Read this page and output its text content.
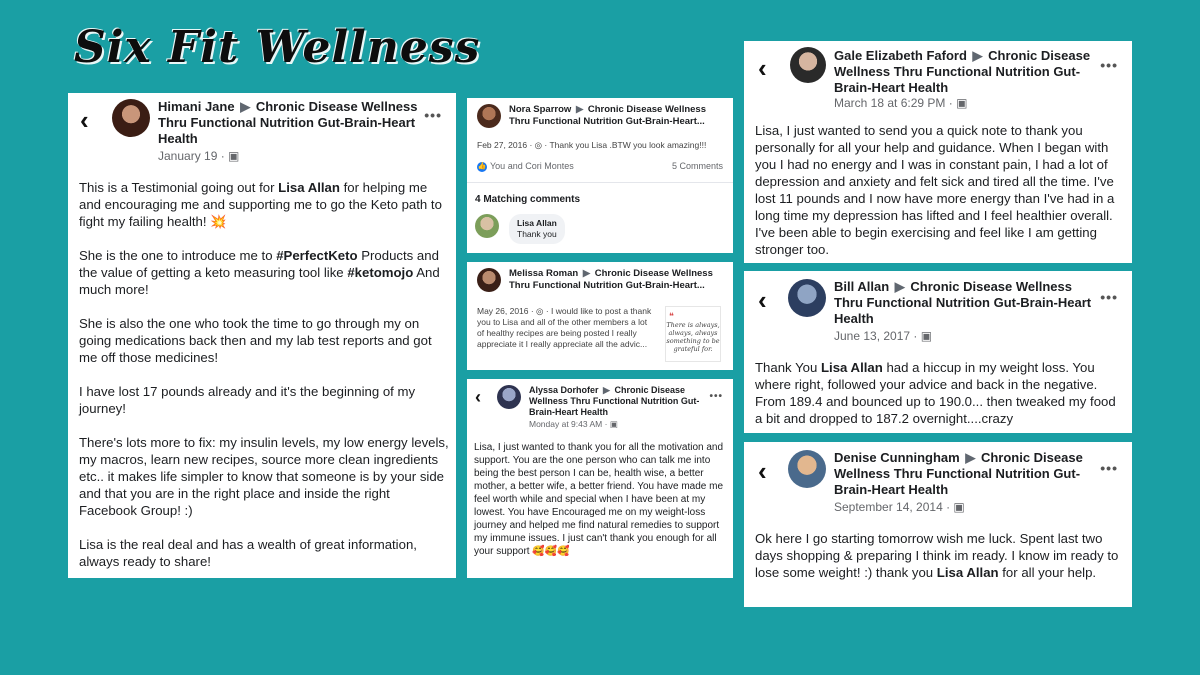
Six Fit Wellness
‹	Himani Jane ▶ Chronic Disease Wellness Thru Functional Nutrition Gut-Brain-Heart Health
January 19 · ▣
•••
This is a Testimonial going out for Lisa Allan for helping me and encouraging me and supporting me to go the Keto path to fight my failing health! 💥

She is the one to introduce me to #PerfectKeto Products and the value of getting a keto measuring tool like #ketomojo And much more!

She is also the one who took the time to go through my on going medications back then and my lab test reports and got me off those medicines!

I have lost 17 pounds already and it's the beginning of my journey!

There's lots more to fix: my insulin levels, my low energy levels, my macros, learn new recipes, source more clean ingredients etc.. it makes life simpler to know that someone is by your side and that you are in the right place and inside the right Facebook Group! :)

Lisa is the real deal and has a wealth of great information, always ready to share!
Nora Sparrow ▶ Chronic Disease Wellness Thru Functional Nutrition Gut-Brain-Heart...
Feb 27, 2016 · ◎ · Thank you Lisa .BTW you look amazing!!!
👍 You and Cori Montes	5 Comments
4 Matching comments
Lisa Allan
Thank you
Melissa Roman ▶ Chronic Disease Wellness Thru Functional Nutrition Gut-Brain-Heart...
May 26, 2016 · ◎ · I would like to post a thank you to Lisa and all of the other members a lot of healthy recipes are being posted I really appreciate it I really appreciate all the advic...
❝
There is always, always, always something to be grateful for.
‹	Alyssa Dorhofer ▶ Chronic Disease Wellness Thru Functional Nutrition Gut-Brain-Heart Health
Monday at 9:43 AM · ▣
•••
Lisa, I just wanted to thank you for all the motivation and support. You are the one person who can talk me into being the best person I can be, health wise, a better mother, a better wife, a better friend. You have made me feel worth while and special when I have been at my lowest. You have Encouraged me on my weight-loss journey and helped me find natural remedies to support my immune issues. I just can't thank you enough for all your support 🥰🥰🥰
‹	Gale Elizabeth Faford ▶ Chronic Disease Wellness Thru Functional Nutrition Gut-Brain-Heart Health
March 18 at 6:29 PM · ▣
•••
Lisa, I just wanted to send you a quick note to thank you personally for all your help and guidance. When I began with you I had no energy and I was in constant pain, I had a lot of depression and anxiety and felt sick and tired all the time. I've lost 11 pounds and I now have more energy than I've had in a long time my depression has lifted and I feel healthier overall. I've been able to begin exercising and feel like I am getting stronger too.
‹	Bill Allan ▶ Chronic Disease Wellness Thru Functional Nutrition Gut-Brain-Heart Health
June 13, 2017 · ▣
•••
Thank You Lisa Allan had a hiccup in my weight loss. You where right, followed your advice and back in the negative. From 189.4 and bounced up to 190.0... then tweaked my food a bit and dropped to 187.2 overnight....crazy
‹	Denise Cunningham ▶ Chronic Disease Wellness Thru Functional Nutrition Gut-Brain-Heart Health
September 14, 2014 · ▣
•••
Ok here I go starting tomorrow wish me luck. Spent last two days shopping & preparing I think im ready. I know im ready to lose some weight! :) thank you Lisa Allan for all your help.
